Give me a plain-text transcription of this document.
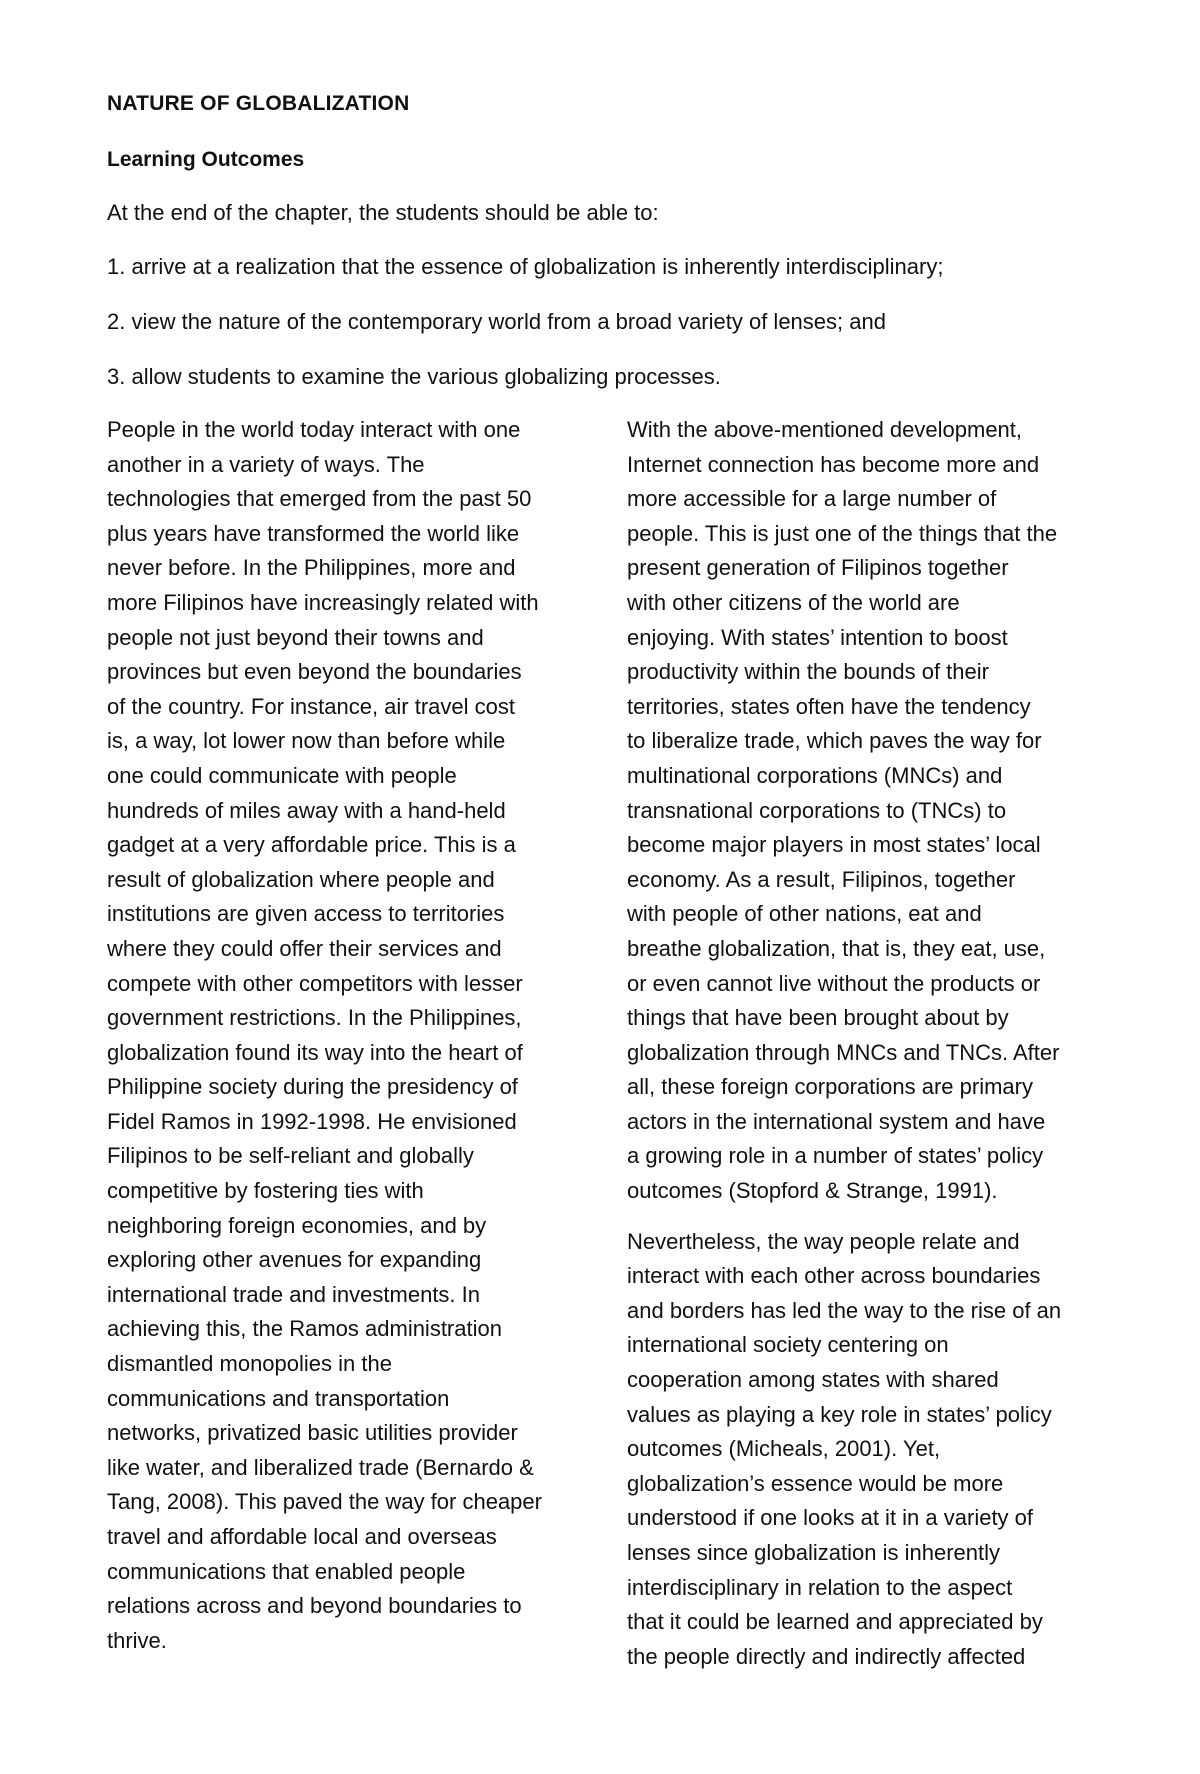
NATURE OF GLOBALIZATION
Learning Outcomes
At the end of the chapter, the students should be able to:
1. arrive at a realization that the essence of globalization is inherently interdisciplinary;
2. view the nature of the contemporary world from a broad variety of lenses; and
3. allow students to examine the various globalizing processes.
People in the world today interact with one
another in a variety of ways. The
technologies that emerged from the past 50
plus years have transformed the world like
never before. In the Philippines, more and
more Filipinos have increasingly related with
people not just beyond their towns and
provinces but even beyond the boundaries
of the country. For instance, air travel cost
is, a way, lot lower now than before while
one could communicate with people
hundreds of miles away with a hand-held
gadget at a very affordable price. This is a
result of globalization where people and
institutions are given access to territories
where they could offer their services and
compete with other competitors with lesser
government restrictions. In the Philippines,
globalization found its way into the heart of
Philippine society during the presidency of
Fidel Ramos in 1992-1998. He envisioned
Filipinos to be self-reliant and globally
competitive by fostering ties with
neighboring foreign economies, and by
exploring other avenues for expanding
international trade and investments. In
achieving this, the Ramos administration
dismantled monopolies in the
communications and transportation
networks, privatized basic utilities provider
like water, and liberalized trade (Bernardo &
Tang, 2008). This paved the way for cheaper
travel and affordable local and overseas
communications that enabled people
relations across and beyond boundaries to
thrive.
With the above-mentioned development,
Internet connection has become more and
more accessible for a large number of
people. This is just one of the things that the
present generation of Filipinos together
with other citizens of the world are
enjoying. With states’ intention to boost
productivity within the bounds of their
territories, states often have the tendency
to liberalize trade, which paves the way for
multinational corporations (MNCs) and
transnational corporations to (TNCs) to
become major players in most states’ local
economy. As a result, Filipinos, together
with people of other nations, eat and
breathe globalization, that is, they eat, use,
or even cannot live without the products or
things that have been brought about by
globalization through MNCs and TNCs. After
all, these foreign corporations are primary
actors in the international system and have
a growing role in a number of states’ policy
outcomes (Stopford & Strange, 1991).
Nevertheless, the way people relate and
interact with each other across boundaries
and borders has led the way to the rise of an
international society centering on
cooperation among states with shared
values as playing a key role in states’ policy
outcomes (Micheals, 2001). Yet,
globalization’s essence would be more
understood if one looks at it in a variety of
lenses since globalization is inherently
interdisciplinary in relation to the aspect
that it could be learned and appreciated by
the people directly and indirectly affected
